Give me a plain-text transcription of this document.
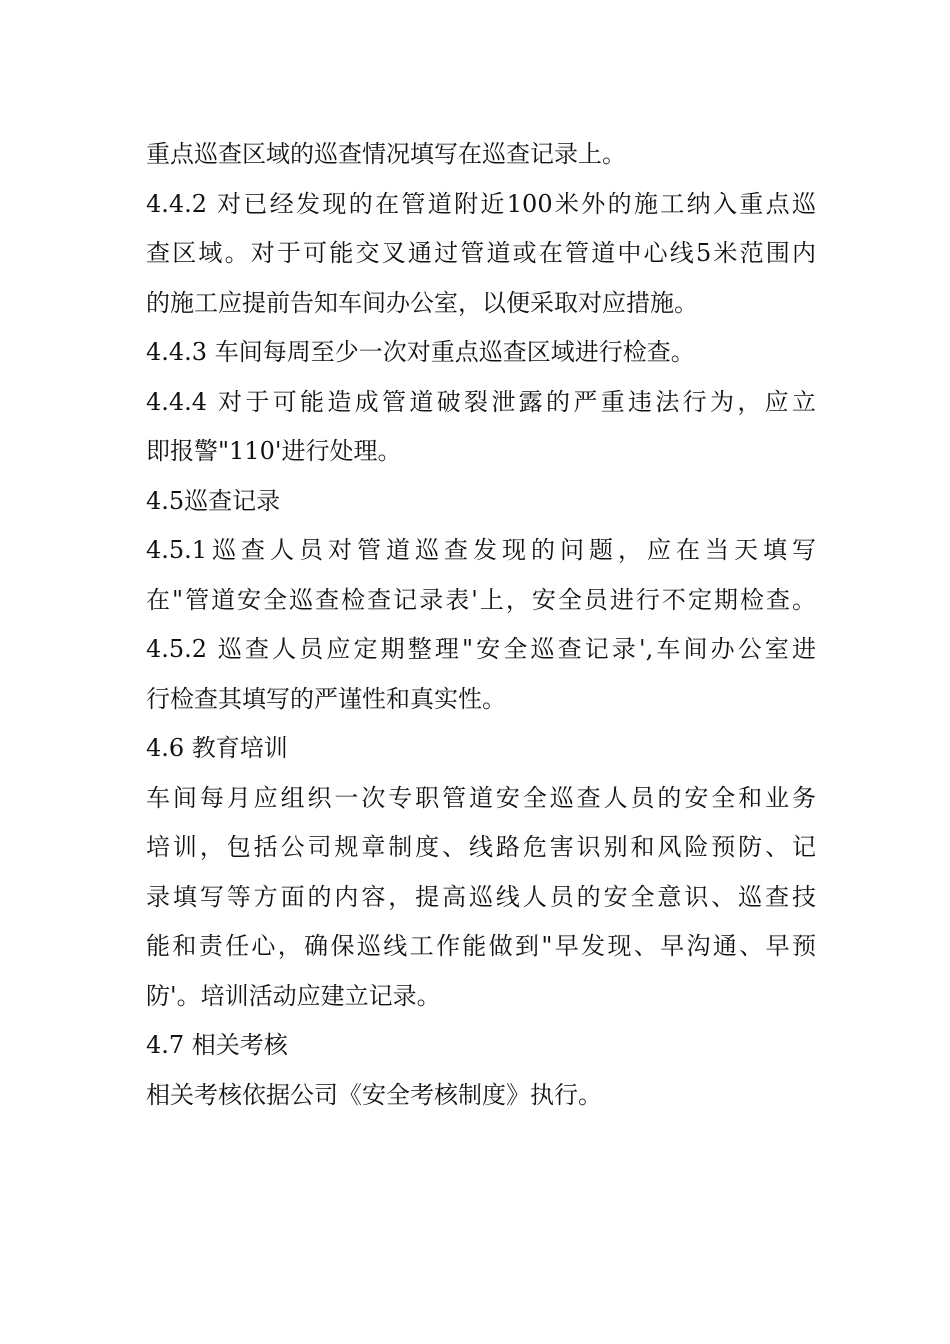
重点巡查区域的巡查情况填写在巡查记录上。
4.4.2 对已经发现的在管道附近100米外的施工纳入重点巡
查区域。对于可能交叉通过管道或在管道中心线5米范围内
的施工应提前告知车间办公室，以便采取对应措施。
4.4.3 车间每周至少一次对重点巡查区域进行检查。
4.4.4 对于可能造成管道破裂泄露的严重违法行为，应立
即报警"110'进行处理。
4.5巡查记录
4.5.1巡查人员对管道巡查发现的问题，应在当天填写
在"管道安全巡查检查记录表'上，安全员进行不定期检查。
4.5.2 巡查人员应定期整理"安全巡查记录',车间办公室进
行检查其填写的严谨性和真实性。
4.6 教育培训
车间每月应组织一次专职管道安全巡查人员的安全和业务
培训，包括公司规章制度、线路危害识别和风险预防、记
录填写等方面的内容，提高巡线人员的安全意识、巡查技
能和责任心，确保巡线工作能做到"早发现、早沟通、早预
防'。培训活动应建立记录。
4.7 相关考核
相关考核依据公司《安全考核制度》执行。
